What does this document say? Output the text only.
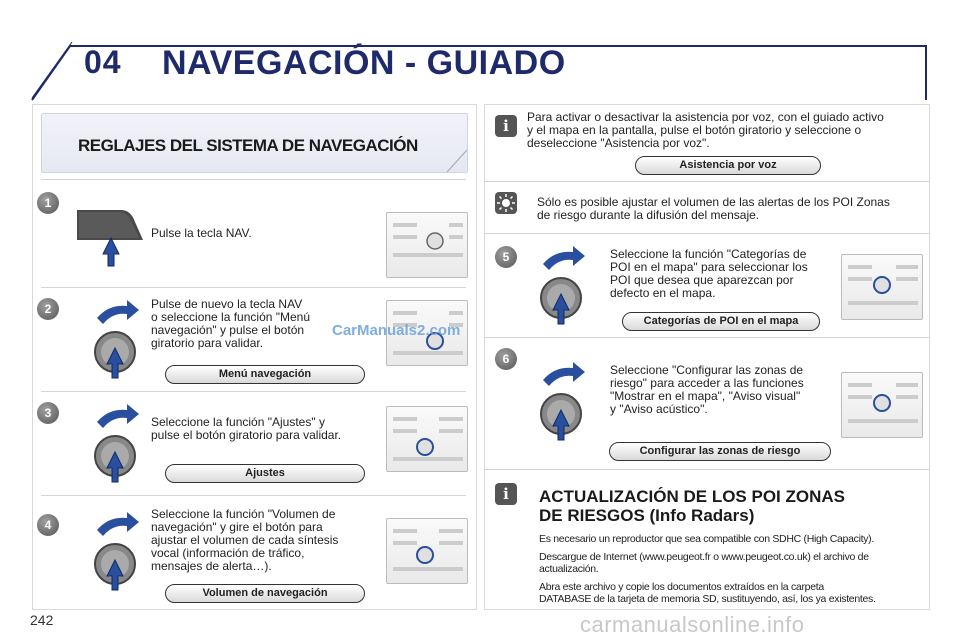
04 NAVEGACIÓN - GUIADO
REGLAJES DEL SISTEMA DE NAVEGACIÓN
1	NAV
Pulse la tecla NAV.
2	Pulse de nuevo la tecla NAV
o seleccione la función "Menú
navegación" y pulse el botón
giratorio para validar.
Menú navegación
3
Seleccione la función "Ajustes" y
pulse el botón giratorio para validar.
Ajustes
4
Seleccione la función "Volumen de
navegación" y gire el botón para
ajustar el volumen de cada síntesis
vocal (información de tráfico,
mensajes de alerta…).
Volumen de navegación
i	Para activar o desactivar la asistencia por voz, con el guiado activo
y el mapa en la pantalla, pulse el botón giratorio y seleccione o
deseleccione "Asistencia por voz".
Asistencia por voz
Sólo es posible ajustar el volumen de las alertas de los POI Zonas
de riesgo durante la difusión del mensaje.
5	Seleccione la función "Categorías de
POI en el mapa" para seleccionar los
POI que desea que aparezcan por
defecto en el mapa.
Categorías de POI en el mapa
6
Seleccione "Configurar las zonas de
riesgo" para acceder a las funciones
"Mostrar en el mapa", "Aviso visual"
y "Aviso acústico".
Configurar las zonas de riesgo
i	ACTUALIZACIÓN DE LOS POI ZONAS
DE RIESGOS (Info Radars)
Es necesario un reproductor que sea compatible con SDHC (High Capacity).
Descargue de Internet (www.peugeot.fr o www.peugeot.co.uk) el archivo de
actualización.
Abra este archivo y copie los documentos extraídos en la carpeta
DATABASE de la tarjeta de memoria SD, sustituyendo, así, los ya existentes.
242	carmanualsonline.info
CarManuals2.com
